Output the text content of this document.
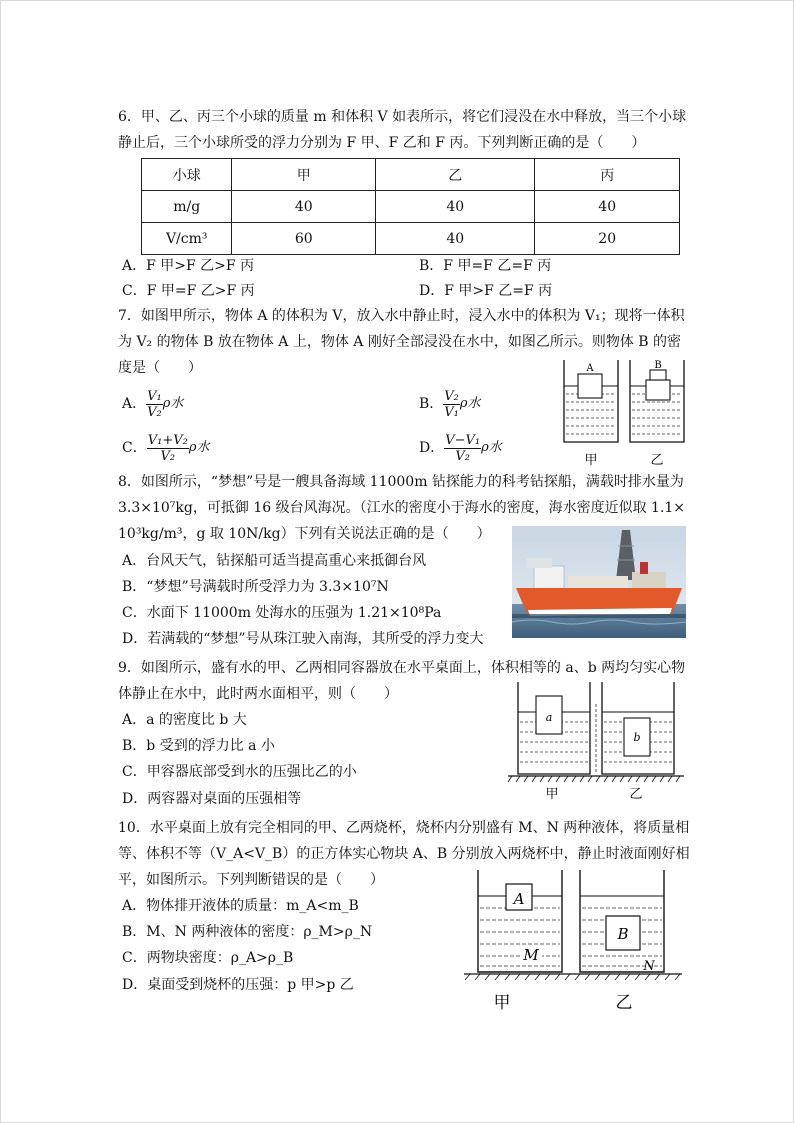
6．甲、乙、丙三个小球的质量 m 和体积 V 如表所示，将它们浸没在水中释放，当三个小球
静止后，三个小球所受的浮力分别为 F 甲、F 乙和 F 丙。下列判断正确的是（　　）
小球	甲	乙	丙
m/g	40	40	40
V/cm³	60	40	20
A．F 甲>F 乙>F 丙	B．F 甲=F 乙=F 丙
C．F 甲=F 乙>F 丙	D．F 甲>F 乙=F 丙
7．如图甲所示，物体 A 的体积为 V，放入水中静止时，浸入水中的体积为 V₁；现将一体积
为 V₂ 的物体 B 放在物体 A 上，物体 A 刚好全部浸没在水中，如图乙所示。则物体 B 的密
度是（　　）
A． $\frac{\text{V₁}}{\text{V₂}}$ ρ水	B． $\frac{\text{V₂}}{\text{V₁}}$ ρ水
C． $\frac{\text{V₁+V₂}}{\text{V₂}}$ ρ水	D． $\frac{\text{V−V₁}}{\text{V₂}}$ ρ水
A	B
甲	乙
8．如图所示，“梦想”号是一艘具备海域 11000m 钻探能力的科考钻探船，满载时排水量为
3.3×10⁷kg，可抵御 16 级台风海况。（江水的密度小于海水的密度，海水密度近似取 1.1×
10³kg/m³，g 取 10N/kg）下列有关说法正确的是（　　）
A．台风天气，钻探船可适当提高重心来抵御台风
B．“梦想”号满载时所受浮力为 3.3×10⁷N
C．水面下 11000m 处海水的压强为 1.21×10⁸Pa
D．若满载的“梦想”号从珠江驶入南海，其所受的浮力变大
9．如图所示，盛有水的甲、乙两相同容器放在水平桌面上，体积相等的 a、b 两均匀实心物
体静止在水中，此时两水面相平，则（　　）
A．a 的密度比 b 大
B．b 受到的浮力比 a 小
C．甲容器底部受到水的压强比乙的小
D．两容器对桌面的压强相等
a
b
甲	乙
10．水平桌面上放有完全相同的甲、乙两烧杯，烧杯内分别盛有 M、N 两种液体，将质量相
等、体积不等（V_A<V_B）的正方体实心物块 A、B 分别放入两烧杯中，静止时液面刚好相
平，如图所示。下列判断错误的是（　　）
A．物体排开液体的质量：m_A<m_B
B．M、N 两种液体的密度：ρ_M>ρ_N
C．两物块密度：ρ_A>ρ_B
D．桌面受到烧杯的压强：p 甲>p 乙
A
M
B
N
甲	乙
